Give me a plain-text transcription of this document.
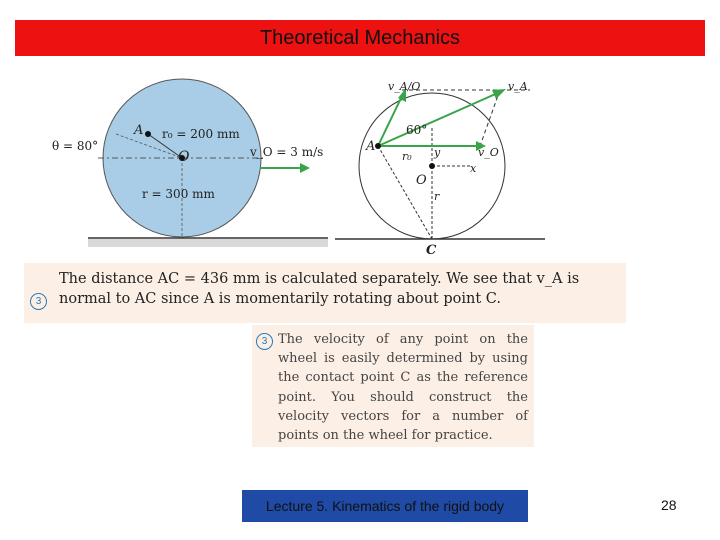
Theoretical Mechanics
θ = 80°
A r₀ = 200 mm
O	v_O = 3 m/s
r = 300 mm
v_A/O	v_A
60°
A
r₀ y	v_O
x
O
r
C
3
The distance AC = 436 mm is calculated separately. We see that v_A is normal to AC since A is momentarily rotating about point C.
3 The velocity of any point on the wheel is easily determined by using the contact point C as the reference point. You should construct the velocity vectors for a number of points on the wheel for practice.
Lecture 5. Kinematics of the rigid body	28
